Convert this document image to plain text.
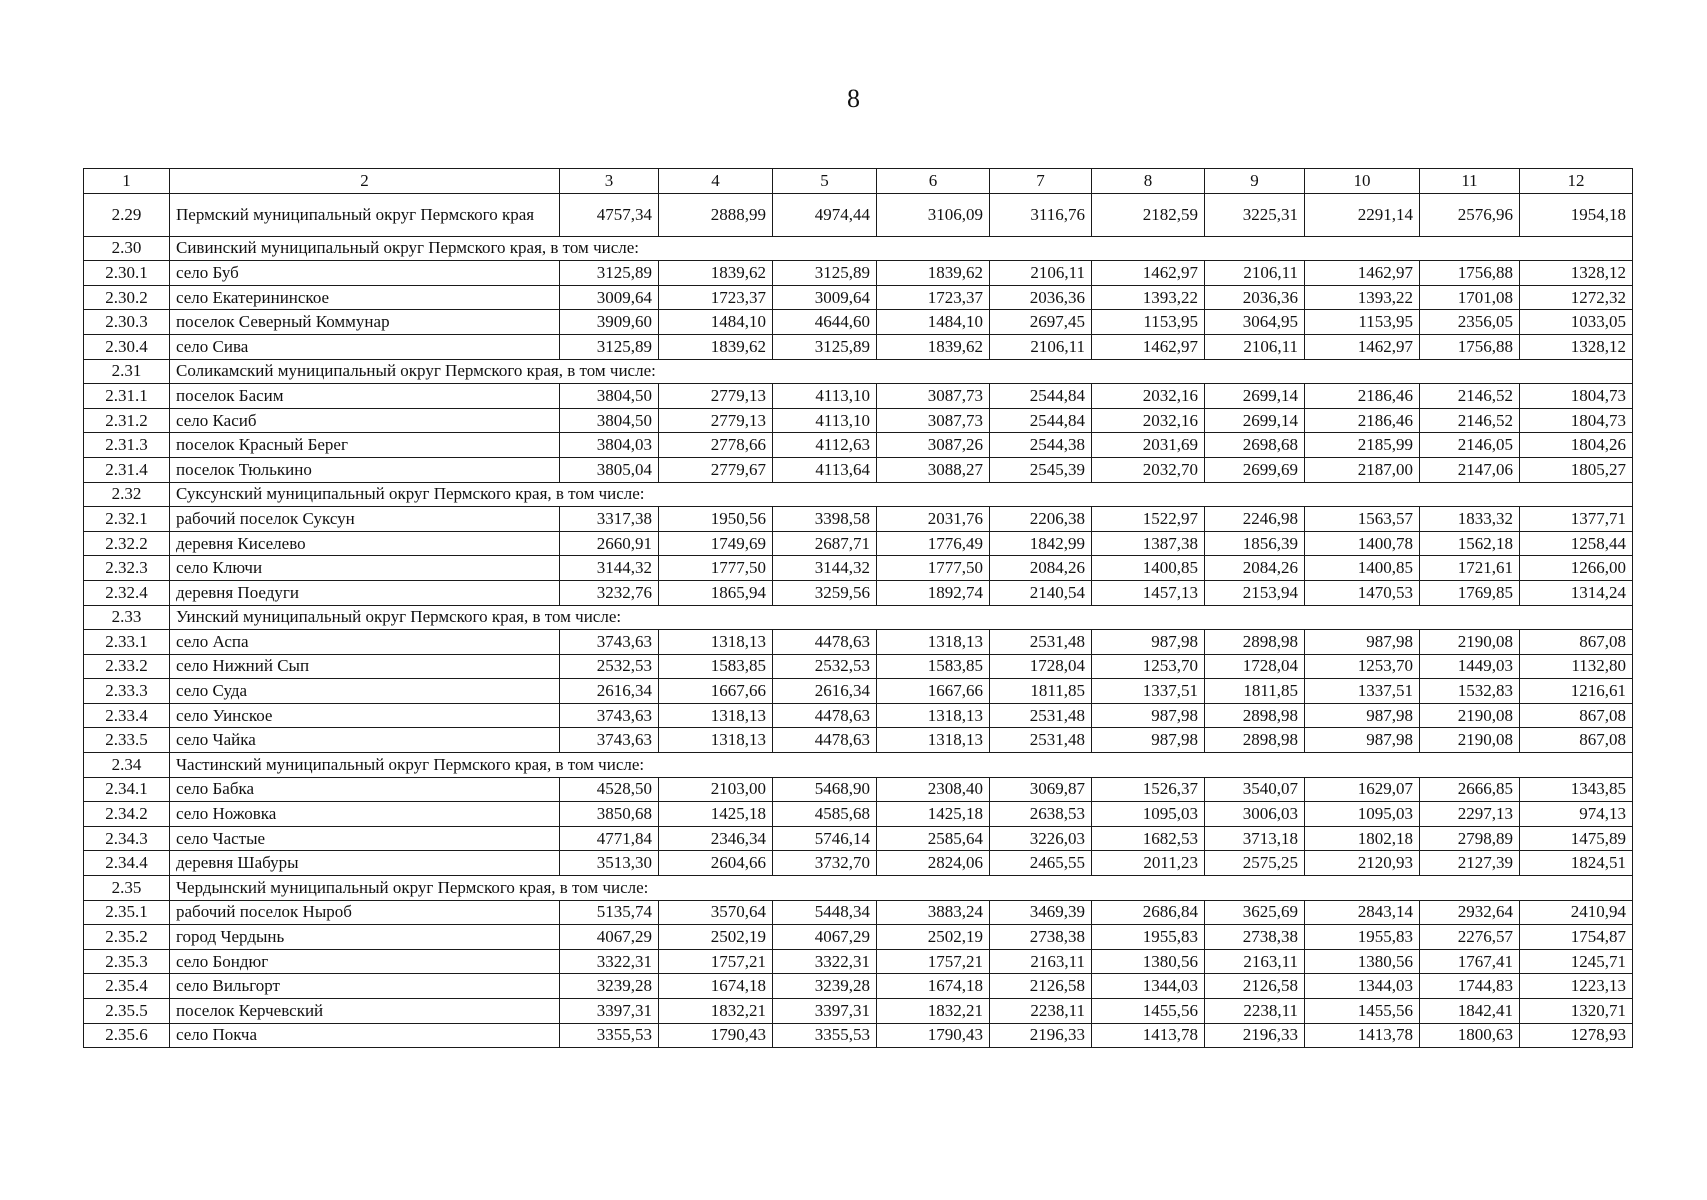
8
1	2	3	4	5	6	7	8	9	10	11	12
2.29	Пермский муниципальный округ Пермского края	4757,34	2888,99	4974,44	3106,09	3116,76	2182,59	3225,31	2291,14	2576,96	1954,18
2.30	Сивинский муниципальный округ Пермского края, в том числе:										
2.30.1	село Буб	3125,89	1839,62	3125,89	1839,62	2106,11	1462,97	2106,11	1462,97	1756,88	1328,12
2.30.2	село Екатерининское	3009,64	1723,37	3009,64	1723,37	2036,36	1393,22	2036,36	1393,22	1701,08	1272,32
2.30.3	поселок Северный Коммунар	3909,60	1484,10	4644,60	1484,10	2697,45	1153,95	3064,95	1153,95	2356,05	1033,05
2.30.4	село Сива	3125,89	1839,62	3125,89	1839,62	2106,11	1462,97	2106,11	1462,97	1756,88	1328,12
2.31	Соликамский муниципальный округ Пермского края, в том числе:										
2.31.1	поселок Басим	3804,50	2779,13	4113,10	3087,73	2544,84	2032,16	2699,14	2186,46	2146,52	1804,73
2.31.2	село Касиб	3804,50	2779,13	4113,10	3087,73	2544,84	2032,16	2699,14	2186,46	2146,52	1804,73
2.31.3	поселок Красный Берег	3804,03	2778,66	4112,63	3087,26	2544,38	2031,69	2698,68	2185,99	2146,05	1804,26
2.31.4	поселок Тюлькино	3805,04	2779,67	4113,64	3088,27	2545,39	2032,70	2699,69	2187,00	2147,06	1805,27
2.32	Суксунский муниципальный округ Пермского края, в том числе:										
2.32.1	рабочий поселок Суксун	3317,38	1950,56	3398,58	2031,76	2206,38	1522,97	2246,98	1563,57	1833,32	1377,71
2.32.2	деревня Киселево	2660,91	1749,69	2687,71	1776,49	1842,99	1387,38	1856,39	1400,78	1562,18	1258,44
2.32.3	село Ключи	3144,32	1777,50	3144,32	1777,50	2084,26	1400,85	2084,26	1400,85	1721,61	1266,00
2.32.4	деревня Поедуги	3232,76	1865,94	3259,56	1892,74	2140,54	1457,13	2153,94	1470,53	1769,85	1314,24
2.33	Уинский муниципальный округ Пермского края, в том числе:										
2.33.1	село Аспа	3743,63	1318,13	4478,63	1318,13	2531,48	987,98	2898,98	987,98	2190,08	867,08
2.33.2	село Нижний Сып	2532,53	1583,85	2532,53	1583,85	1728,04	1253,70	1728,04	1253,70	1449,03	1132,80
2.33.3	село Суда	2616,34	1667,66	2616,34	1667,66	1811,85	1337,51	1811,85	1337,51	1532,83	1216,61
2.33.4	село Уинское	3743,63	1318,13	4478,63	1318,13	2531,48	987,98	2898,98	987,98	2190,08	867,08
2.33.5	село Чайка	3743,63	1318,13	4478,63	1318,13	2531,48	987,98	2898,98	987,98	2190,08	867,08
2.34	Частинский муниципальный округ Пермского края, в том числе:										
2.34.1	село Бабка	4528,50	2103,00	5468,90	2308,40	3069,87	1526,37	3540,07	1629,07	2666,85	1343,85
2.34.2	село Ножовка	3850,68	1425,18	4585,68	1425,18	2638,53	1095,03	3006,03	1095,03	2297,13	974,13
2.34.3	село Частые	4771,84	2346,34	5746,14	2585,64	3226,03	1682,53	3713,18	1802,18	2798,89	1475,89
2.34.4	деревня Шабуры	3513,30	2604,66	3732,70	2824,06	2465,55	2011,23	2575,25	2120,93	2127,39	1824,51
2.35	Чердынский муниципальный округ Пермского края, в том числе:										
2.35.1	рабочий поселок Ныроб	5135,74	3570,64	5448,34	3883,24	3469,39	2686,84	3625,69	2843,14	2932,64	2410,94
2.35.2	город Чердынь	4067,29	2502,19	4067,29	2502,19	2738,38	1955,83	2738,38	1955,83	2276,57	1754,87
2.35.3	село Бондюг	3322,31	1757,21	3322,31	1757,21	2163,11	1380,56	2163,11	1380,56	1767,41	1245,71
2.35.4	село Вильгорт	3239,28	1674,18	3239,28	1674,18	2126,58	1344,03	2126,58	1344,03	1744,83	1223,13
2.35.5	поселок Керчевский	3397,31	1832,21	3397,31	1832,21	2238,11	1455,56	2238,11	1455,56	1842,41	1320,71
2.35.6	село Покча	3355,53	1790,43	3355,53	1790,43	2196,33	1413,78	2196,33	1413,78	1800,63	1278,93
